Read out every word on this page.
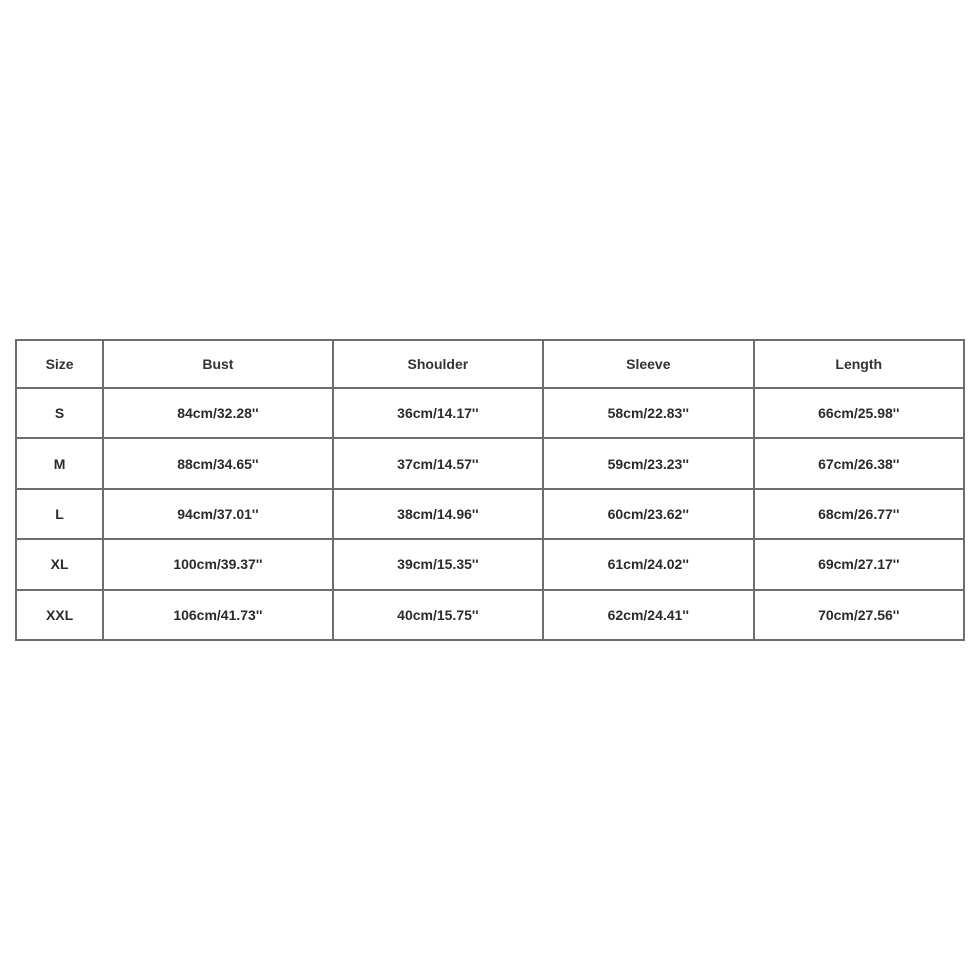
Size	Bust	Shoulder	Sleeve	Length
S	84cm/32.28''	36cm/14.17''	58cm/22.83''	66cm/25.98''
M	88cm/34.65''	37cm/14.57''	59cm/23.23''	67cm/26.38''
L	94cm/37.01''	38cm/14.96''	60cm/23.62''	68cm/26.77''
XL	100cm/39.37''	39cm/15.35''	61cm/24.02''	69cm/27.17''
XXL	106cm/41.73''	40cm/15.75''	62cm/24.41''	70cm/27.56''
